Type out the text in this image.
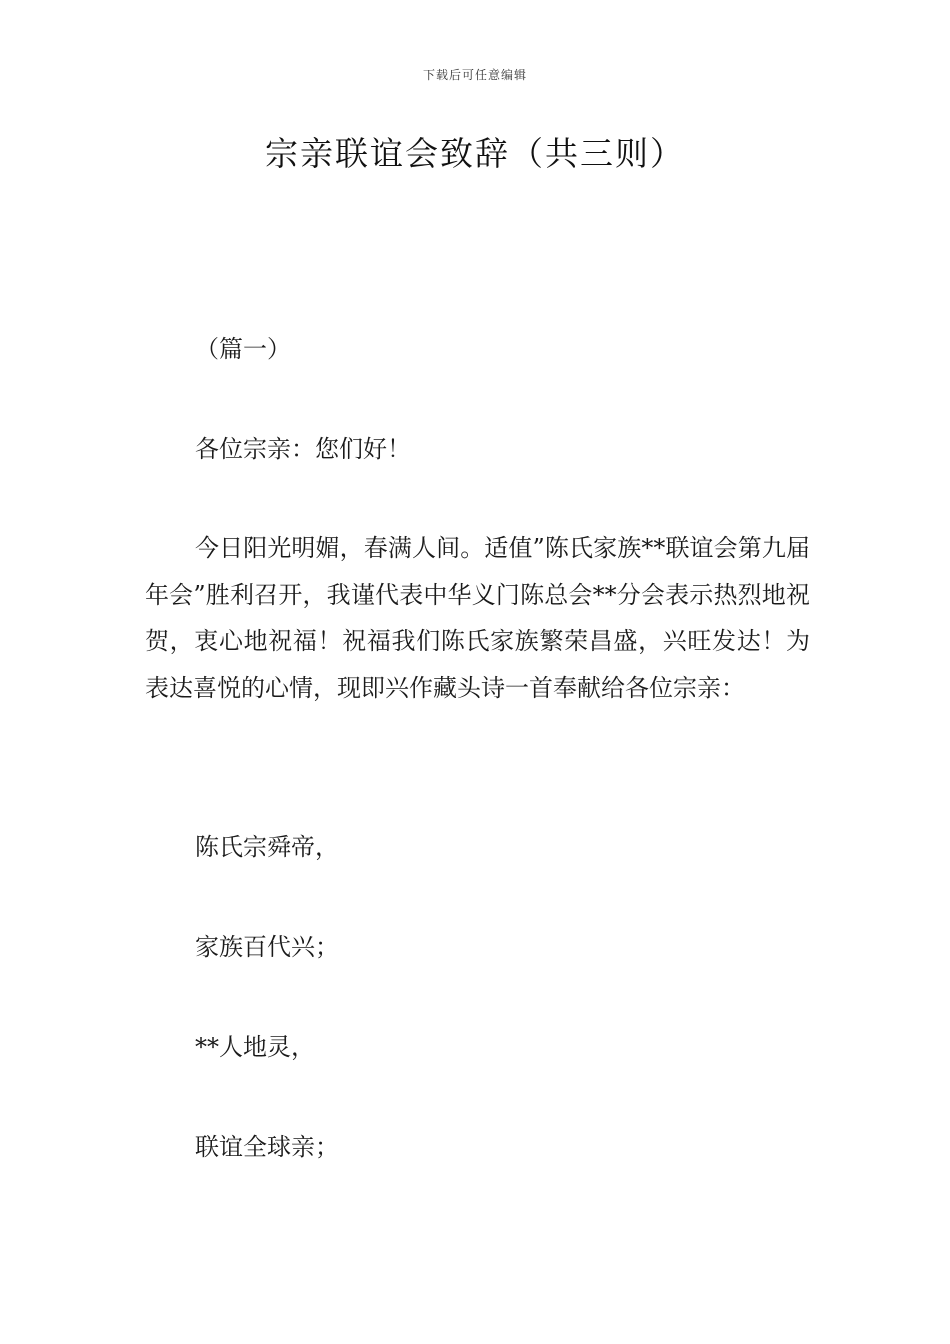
下载后可任意编辑
宗亲联谊会致辞（共三则）

（篇一）

各位宗亲：您们好！

今日阳光明媚，春满人间。适值”陈氏家族**联谊会第九届年会”胜利召开，我谨代表中华义门陈总会**分会表示热烈地祝贺，衷心地祝福！祝福我们陈氏家族繁荣昌盛，兴旺发达！为表达喜悦的心情，现即兴作藏头诗一首奉献给各位宗亲：

陈氏宗舜帝，

家族百代兴；

**人地灵，

联谊全球亲；
